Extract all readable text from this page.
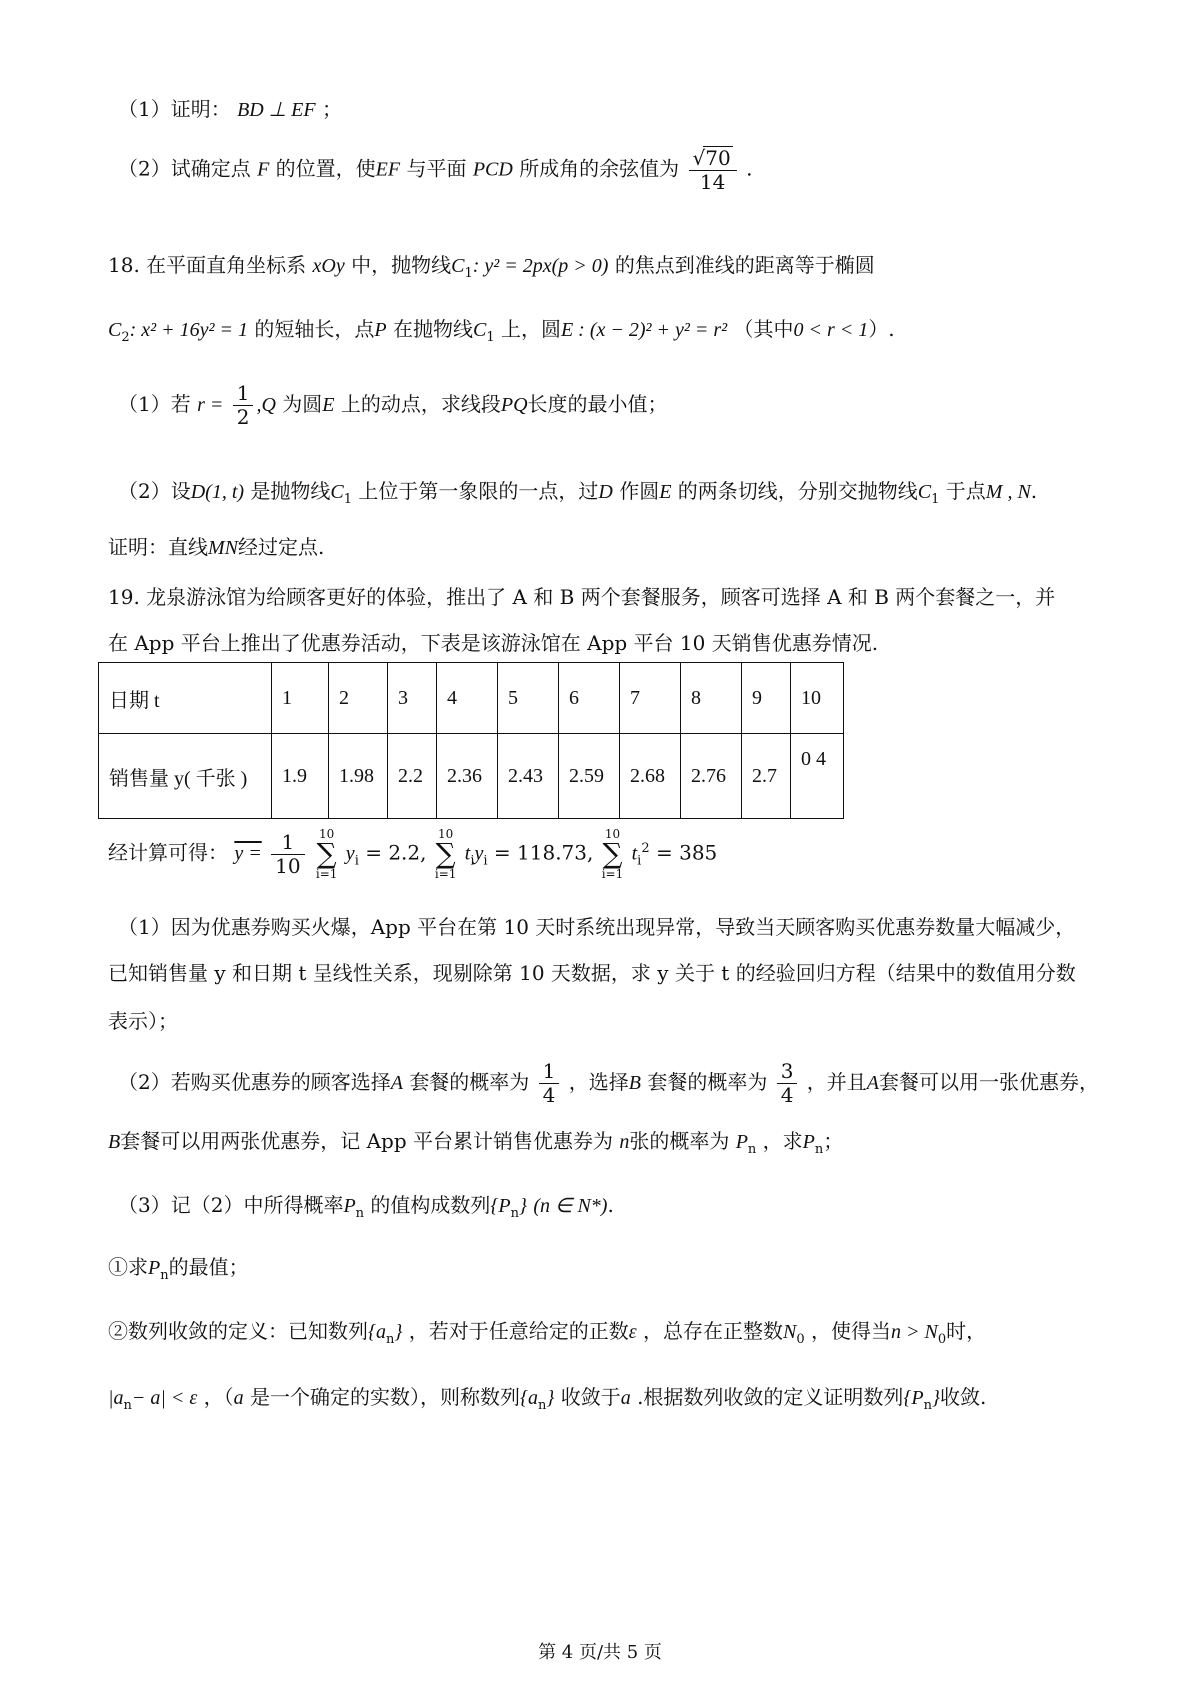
（1）证明： BD ⊥ EF ；
（2）试确定点 F 的位置，使EF 与平面 PCD 所成角的余弦值为 $\frac{√70}{14}$ .
18. 在平面直角坐标系 xOy 中，抛物线$C_1$: y² = 2px(p > 0) 的焦点到准线的距离等于椭圆
$C_2$: x² + 16y² = 1 的短轴长，点P 在抛物线$C_1$ 上，圆E : (x − 2)² + y² = r² （其中0 < r < 1）.
（1）若 $r = \frac{1}{2} ,Q$ 为圆E 上的动点，求线段PQ长度的最小值；
（2）设D(1, t) 是抛物线$C_1$ 上位于第一象限的一点，过D 作圆E 的两条切线，分别交抛物线$C_1$ 于点M , N.
证明：直线MN经过定点.
19. 龙泉游泳馆为给顾客更好的体验，推出了 A 和 B 两个套餐服务，顾客可选择 A 和 B 两个套餐之一，并
在 App 平台上推出了优惠券活动，下表是该游泳馆在 App 平台 10 天销售优惠券情况.
日期 t	1	2	3	4	5	6	7	8	9	10
销售量 y( 千张 )	1.9	1.98	2.2	2.36	2.43	2.59	2.68	2.76	2.7	0 4
经计算可得： $y = \frac{1}{10}$
10
∑
i=1
$y_i = 2.2$,
10
∑
i=1
$t_iy_i = 118.73$,
10
∑
i=1
$t_i^2 = 385$
（1）因为优惠券购买火爆，App 平台在第 10 天时系统出现异常，导致当天顾客购买优惠券数量大幅减少，
已知销售量 y 和日期 t 呈线性关系，现剔除第 10 天数据，求 y 关于 t 的经验回归方程（结果中的数值用分数
表示）；
（2）若购买优惠券的顾客选择A 套餐的概率为 $\frac{1}{4}$ ，选择B 套餐的概率为 $\frac{3}{4}$ ，并且A套餐可以用一张优惠券，
B套餐可以用两张优惠券，记 App 平台累计销售优惠券为 n张的概率为 $P_n$ ，求$P_n$；
（3）记（2）中所得概率$P_n$ 的值构成数列$\{P_n\}$ (n ∈ N*).
①求$P_n$的最值；
②数列收敛的定义：已知数列$\{a_n\}$ ，若对于任意给定的正数ε ，总存在正整数$N_0$ ，使得当$n > N_0$时，
$|a_n- a| < \varepsilon$ ，（a 是一个确定的实数），则称数列$\{a_n\}$ 收敛于a .根据数列收敛的定义证明数列$\{P_n\}$收敛.
第 4 页/共 5 页
